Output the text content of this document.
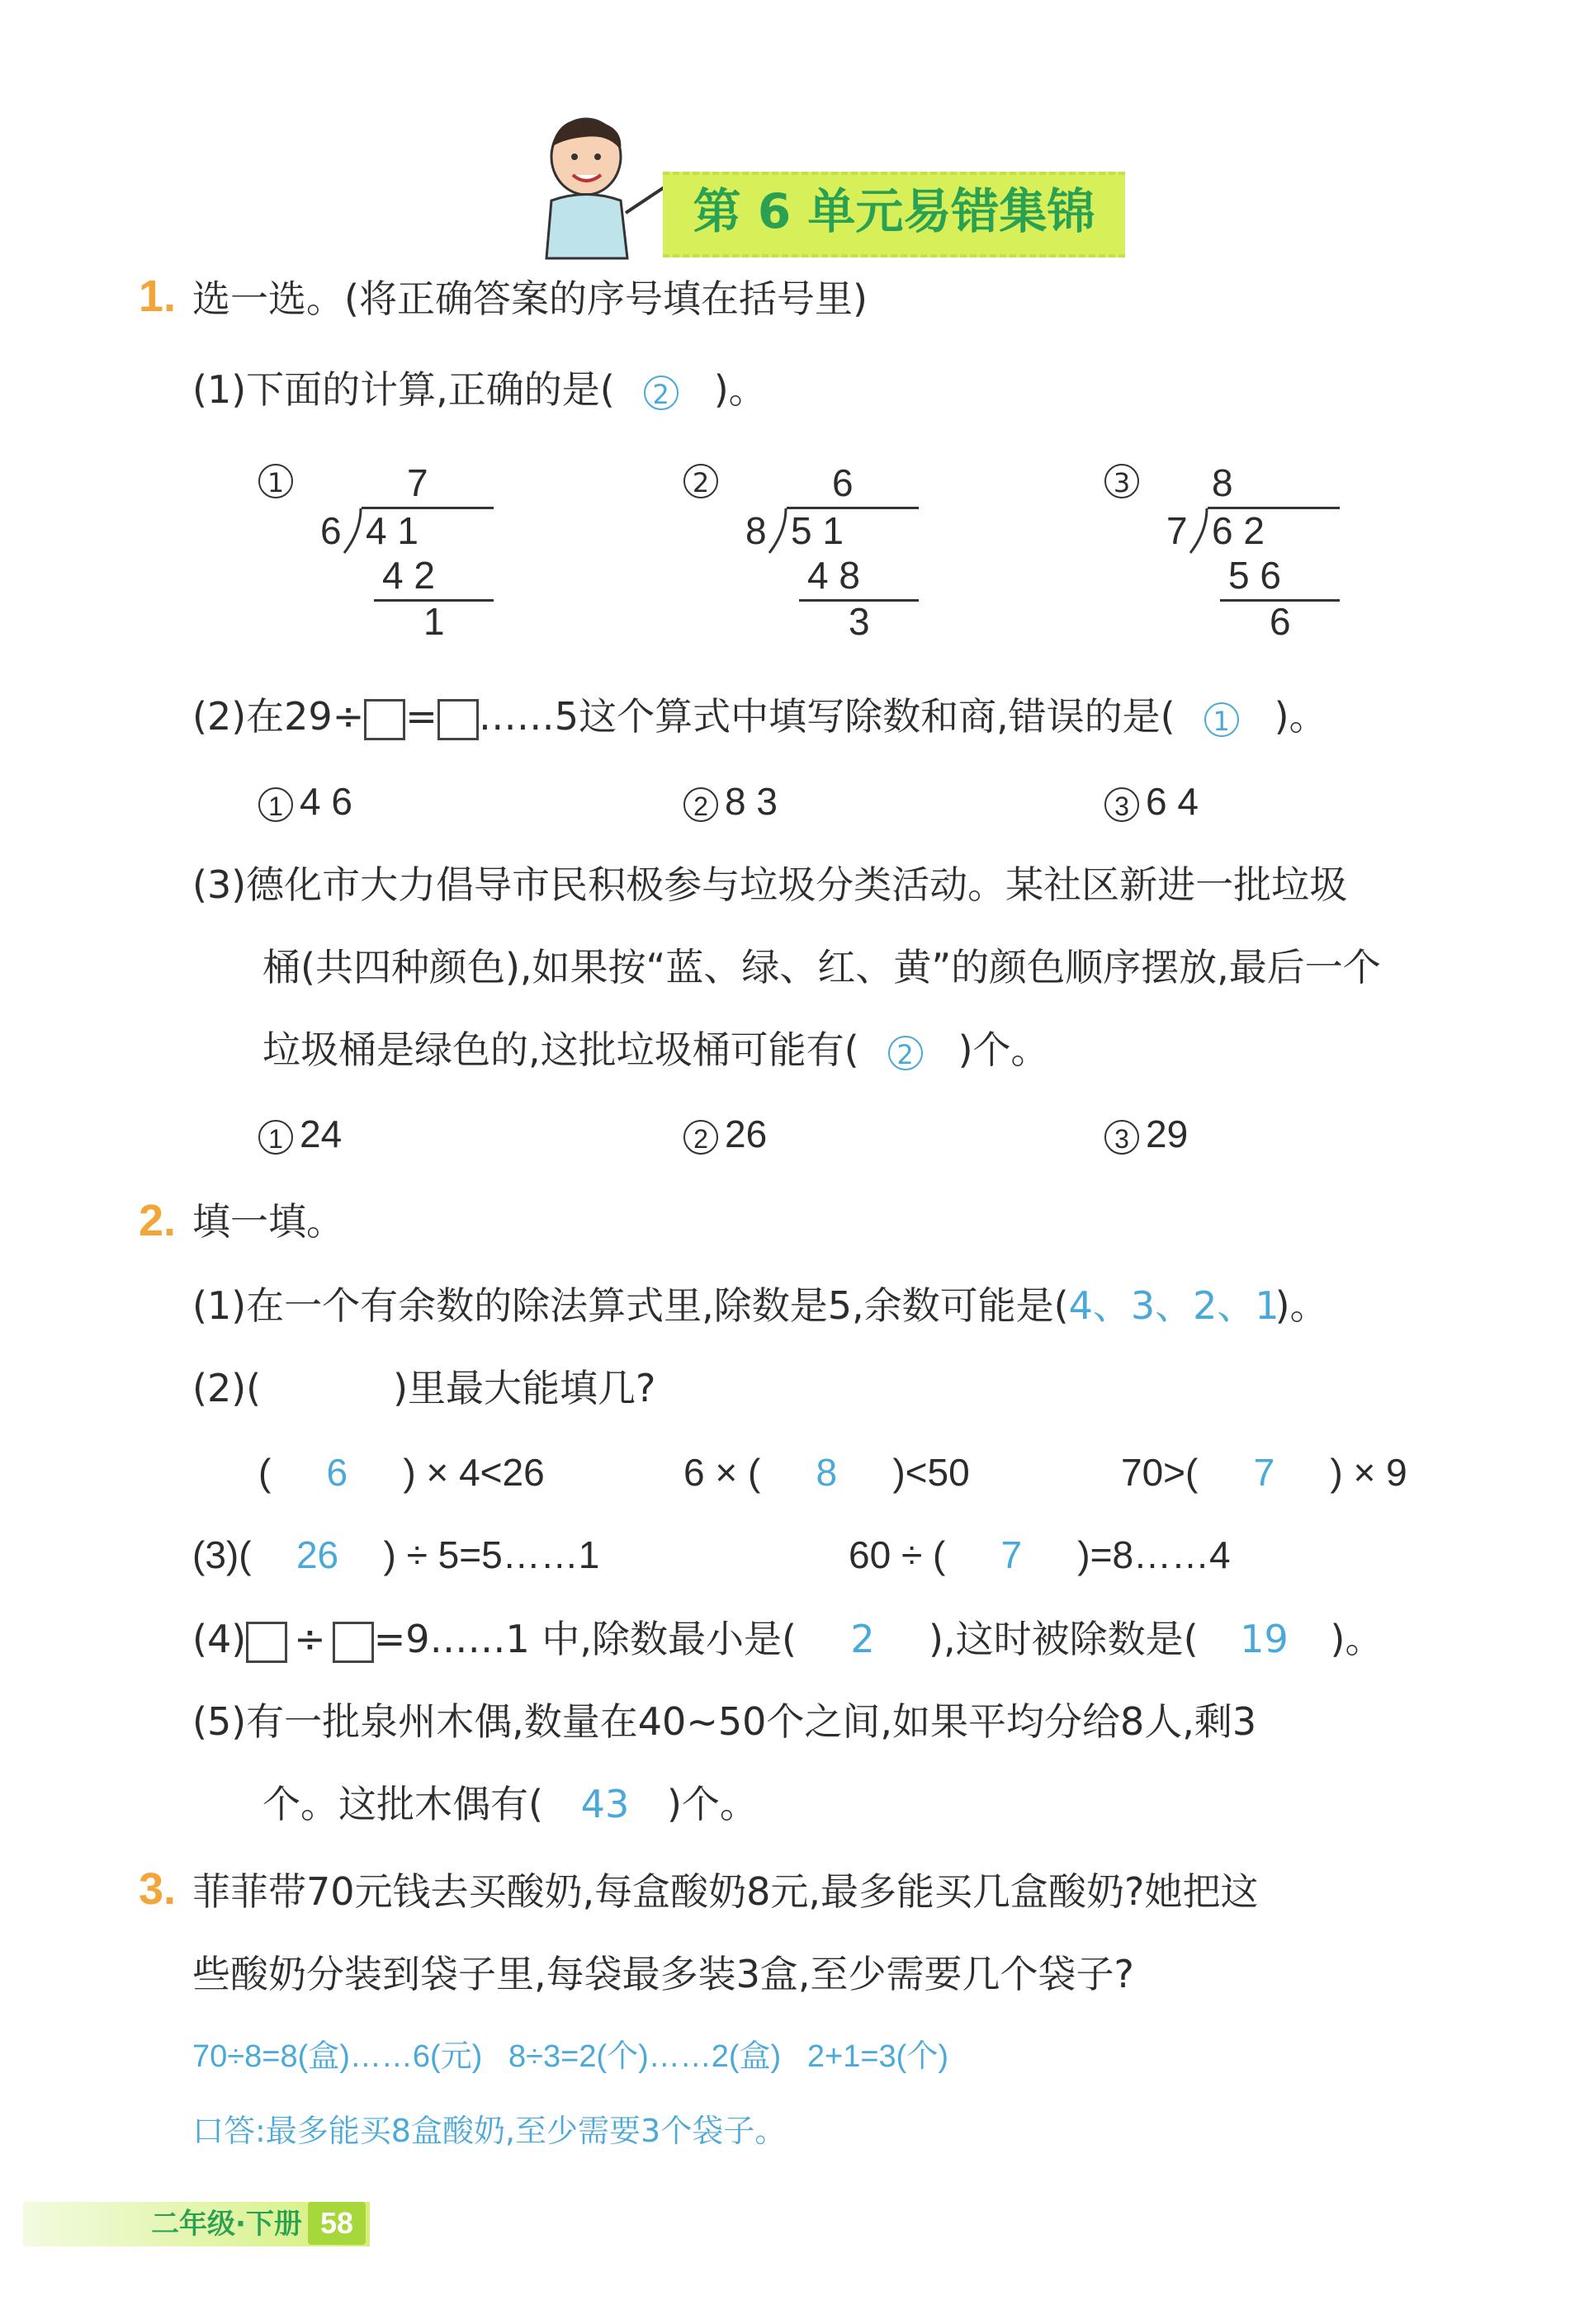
第 6 单元易错集锦
1. 选一选。(将正确答案的序号填在括号里)
(1)下面的计算,正确的是( 2 )。
1	7
6 4 1
4 2
1
2	6
8 5 1
4 8
3
3 8
7 6 2
5 6
6
(2)在29÷ = ……5这个算式中填写除数和商,错误的是( 1 )。
1 4 6	2 8 3	3 6 4
(3)德化市大力倡导市民积极参与垃圾分类活动。某社区新进一批垃圾
桶(共四种颜色),如果按“蓝、绿、红、黄”的颜色顺序摆放,最后一个
垃圾桶是绿色的,这批垃圾桶可能有( 2 )个。
1 24	2 26	3 29
2. 填一填。
(1)在一个有余数的除法算式里,除数是5,余数可能是(4、3、2、1)。
(2)(	)里最大能填几?
( 6 ) × 4<26	6 × ( 8 )<50	70>( 7 ) × 9
(3)( 26 ) ÷ 5=5……1	60 ÷ ( 7 )=8……4
(4) ÷ =9……1 中,除数最小是( 2 ),这时被除数是( 19 )。
(5)有一批泉州木偶,数量在40~50个之间,如果平均分给8人,剩3
个。这批木偶有( 43 )个。
3. 菲菲带70元钱去买酸奶,每盒酸奶8元,最多能买几盒酸奶?她把这
些酸奶分装到袋子里,每袋最多装3盒,至少需要几个袋子?
70÷8=8(盒)……6(元)   8÷3=2(个)……2(盒)   2+1=3(个)
口答:最多能买8盒酸奶,至少需要3个袋子。
二年级·下册 58
